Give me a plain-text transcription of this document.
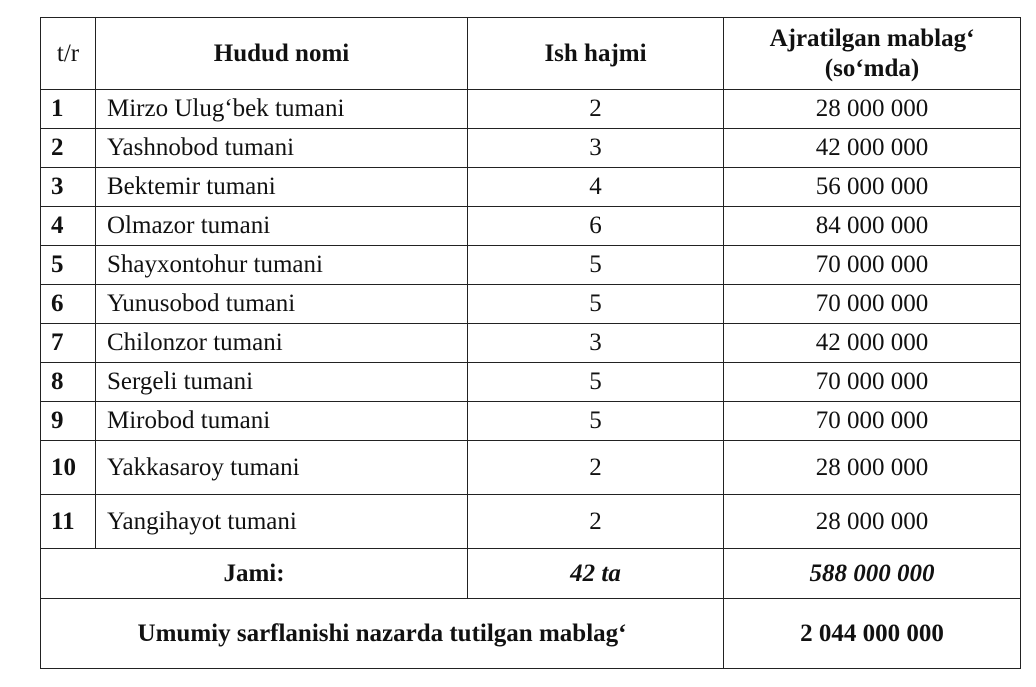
t/r	Hudud nomi	Ish hajmi	Ajratilgan mablag‘
(so‘mda)

1	Mirzo Ulug‘bek tumani	2	28 000 000
2	Yashnobod tumani	3	42 000 000
3	Bektemir tumani	4	56 000 000
4	Olmazor tumani	6	84 000 000
5	Shayxontohur tumani	5	70 000 000
6	Yunusobod tumani	5	70 000 000
7	Chilonzor tumani	3	42 000 000
8	Sergeli tumani	5	70 000 000
9	Mirobod tumani	5	70 000 000
10	Yakkasaroy tumani	2	28 000 000
11	Yangihayot tumani	2	28 000 000
Jami:		42 ta	588 000 000
Umumiy sarflanishi nazarda tutilgan mablag‘			2 044 000 000
